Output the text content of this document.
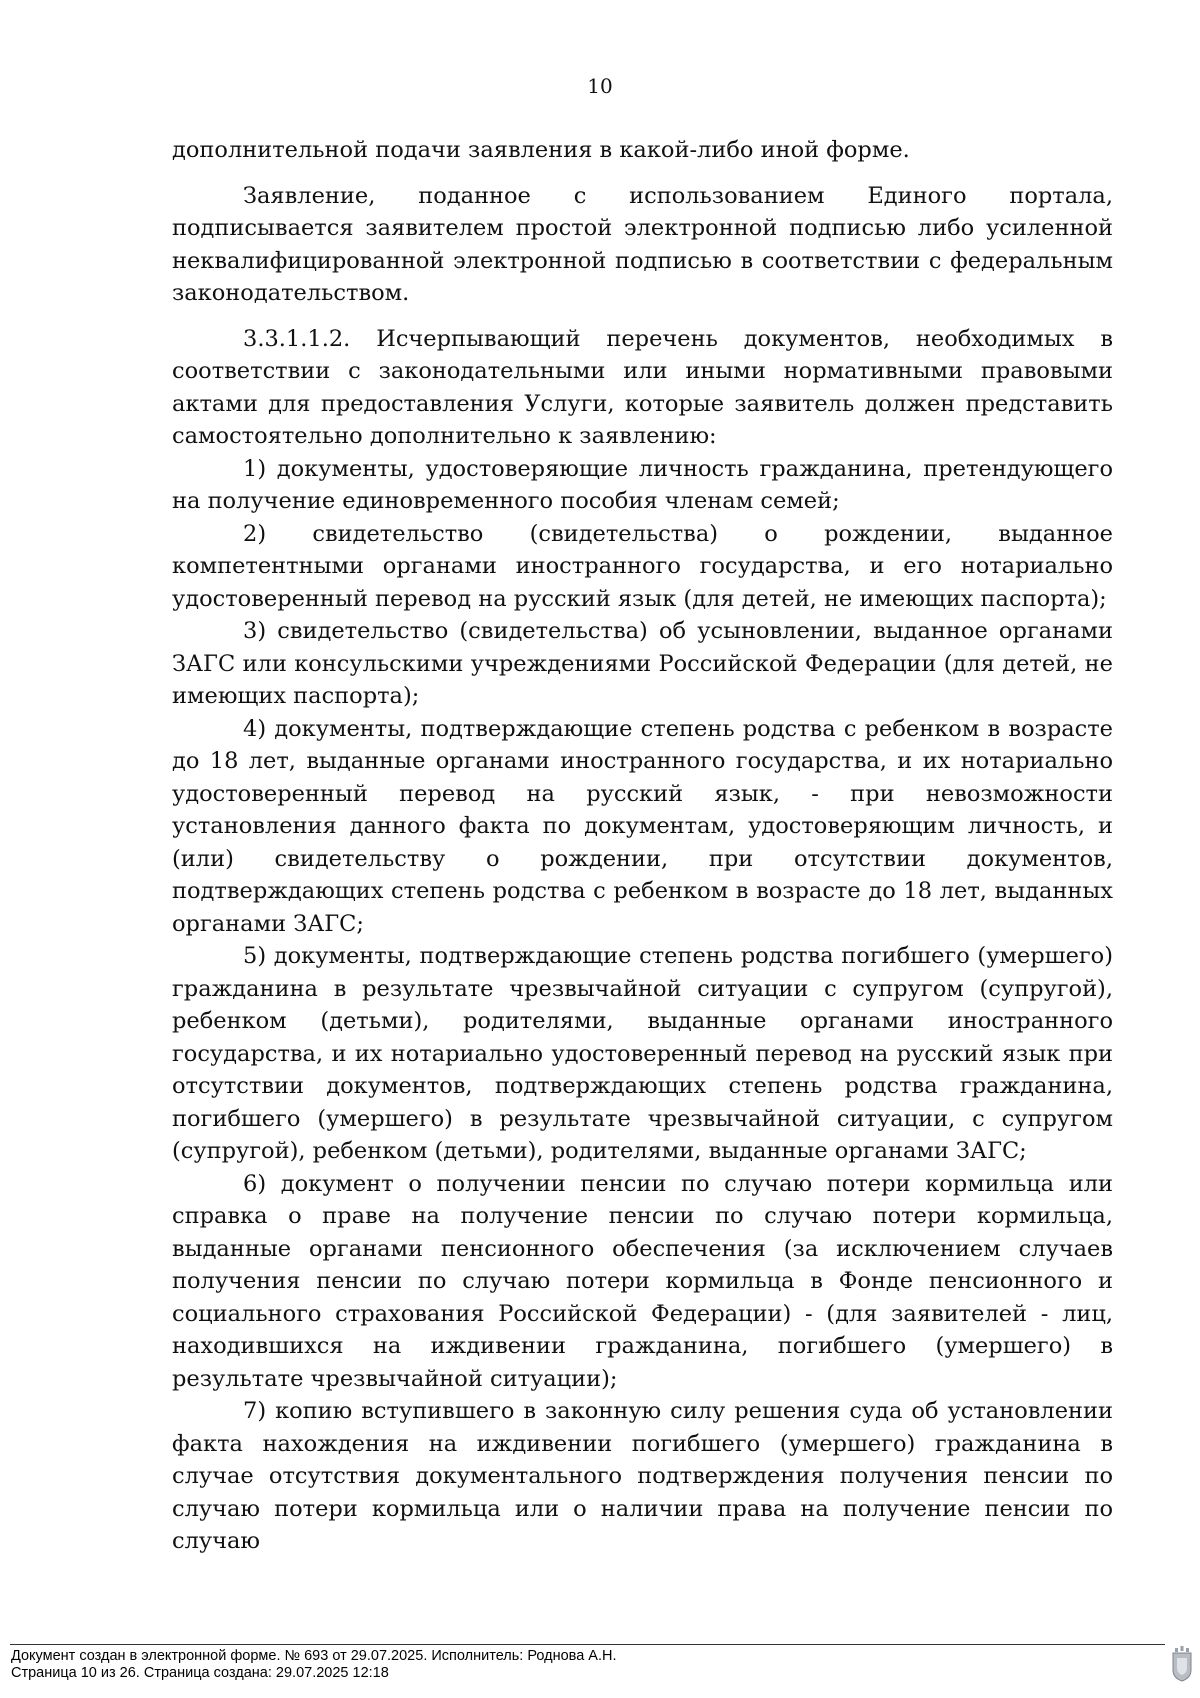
10

дополнительной подачи заявления в какой-либо иной форме.

Заявление, поданное с использованием Единого портала, подписывается заявителем простой электронной подписью либо усиленной неквалифицированной электронной подписью в соответствии с федеральным законодательством.

3.3.1.1.2. Исчерпывающий перечень документов, необходимых в соответствии с законодательными или иными нормативными правовыми актами для предоставления Услуги, которые заявитель должен представить самостоятельно дополнительно к заявлению:

1) документы, удостоверяющие личность гражданина, претендующего на получение единовременного пособия членам семей;

2) свидетельство (свидетельства) о рождении, выданное компетентными органами иностранного государства, и его нотариально удостоверенный перевод на русский язык (для детей, не имеющих паспорта);

3) свидетельство (свидетельства) об усыновлении, выданное органами ЗАГС или консульскими учреждениями Российской Федерации (для детей, не имеющих паспорта);

4) документы, подтверждающие степень родства с ребенком в возрасте до 18 лет, выданные органами иностранного государства, и их нотариально удостоверенный перевод на русский язык, - при невозможности установления данного факта по документам, удостоверяющим личность, и (или) свидетельству о рождении, при отсутствии документов, подтверждающих степень родства с ребенком в возрасте до 18 лет, выданных органами ЗАГС;

5) документы, подтверждающие степень родства погибшего (умершего) гражданина в результате чрезвычайной ситуации с супругом (супругой), ребенком (детьми), родителями, выданные органами иностранного государства, и их нотариально удостоверенный перевод на русский язык при отсутствии документов, подтверждающих степень родства гражданина, погибшего (умершего) в результате чрезвычайной ситуации, с супругом (супругой), ребенком (детьми), родителями, выданные органами ЗАГС;

6) документ о получении пенсии по случаю потери кормильца или справка о праве на получение пенсии по случаю потери кормильца, выданные органами пенсионного обеспечения (за исключением случаев получения пенсии по случаю потери кормильца в Фонде пенсионного и социального страхования Российской Федерации) - (для заявителей - лиц, находившихся на иждивении гражданина, погибшего (умершего) в результате чрезвычайной ситуации);

7) копию вступившего в законную силу решения суда об установлении факта нахождения на иждивении погибшего (умершего) гражданина в случае отсутствия документального подтверждения получения пенсии по случаю потери кормильца или о наличии права на получение пенсии по случаю

Документ создан в электронной форме. № 693 от 29.07.2025. Исполнитель: Роднова А.Н.
Страница 10 из 26. Страница создана: 29.07.2025 12:18
